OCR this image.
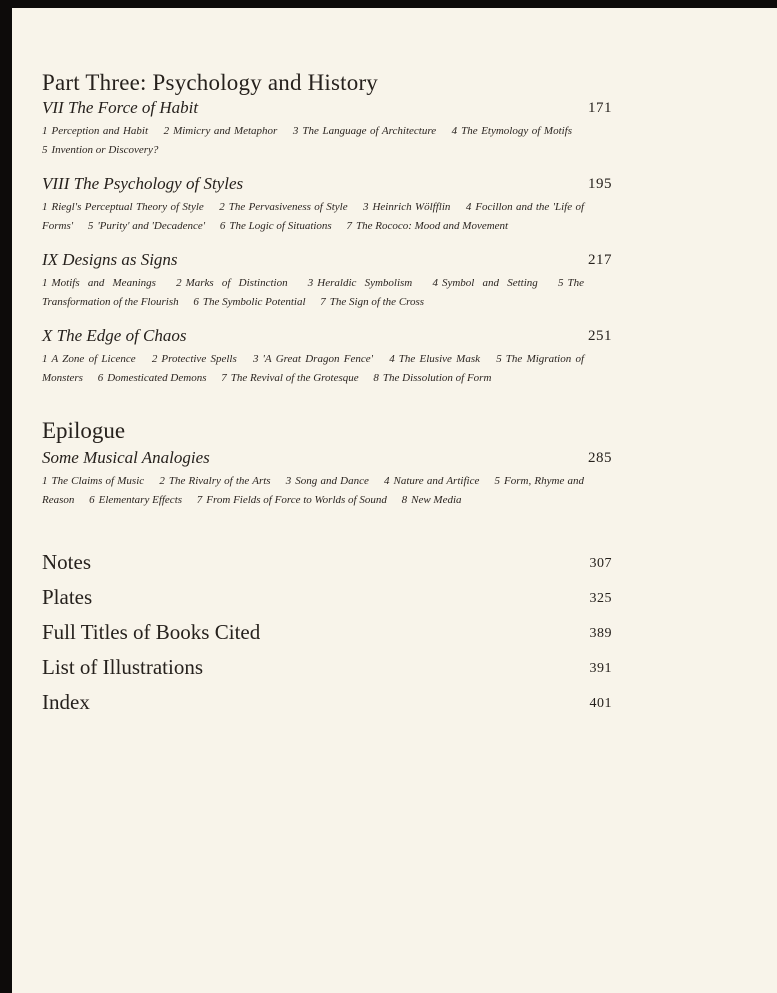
Part Three: Psychology and History
VII The Force of Habit	171
1 Perception and Habit 2 Mimicry and Metaphor 3 The Language of Architecture 4 The Etymology of Motifs 5 Invention or Discovery?
VIII The Psychology of Styles	195
1 Riegl's Perceptual Theory of Style 2 The Pervasiveness of Style 3 Heinrich Wölfflin 4 Focillon and the 'Life of Forms' 5 'Purity' and 'Decadence' 6 The Logic of Situations 7 The Rococo: Mood and Movement
IX Designs as Signs	217
1 Motifs and Meanings 2 Marks of Distinction 3 Heraldic Symbolism 4 Symbol and Setting 5 The Transformation of the Flourish 6 The Symbolic Potential 7 The Sign of the Cross
X The Edge of Chaos	251
1 A Zone of Licence 2 Protective Spells 3 'A Great Dragon Fence' 4 The Elusive Mask 5 The Migration of Monsters 6 Domesticated Demons 7 The Revival of the Grotesque 8 The Dissolution of Form
Epilogue
Some Musical Analogies	285
1 The Claims of Music 2 The Rivalry of the Arts 3 Song and Dance 4 Nature and Artifice 5 Form, Rhyme and Reason 6 Elementary Effects 7 From Fields of Force to Worlds of Sound 8 New Media
Notes	307
Plates	325
Full Titles of Books Cited	389
List of Illustrations	391
Index	401
